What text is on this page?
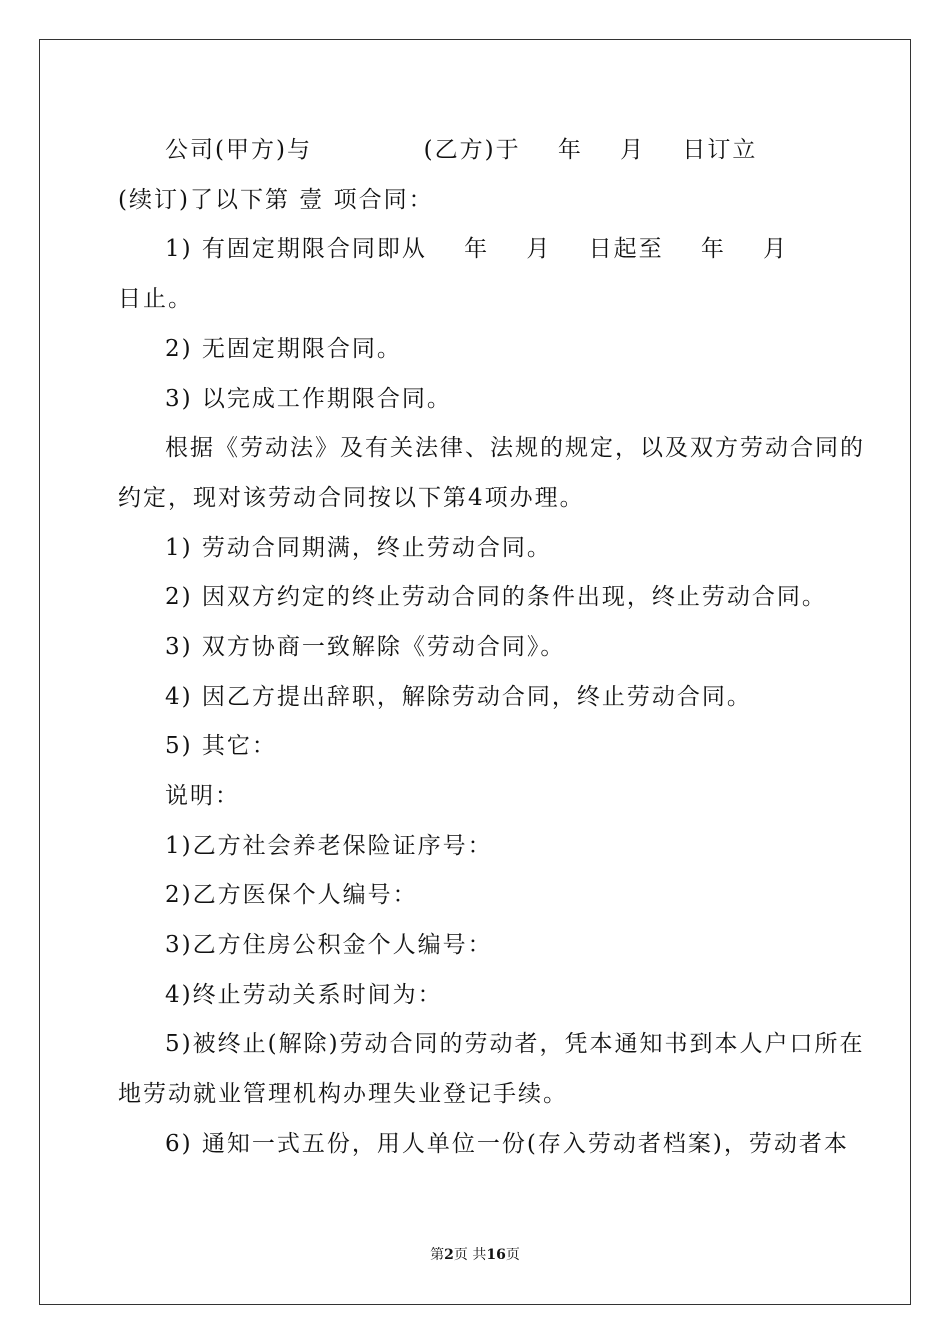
公司(甲方)与            (乙方)于    年    月    日订立
(续订)了以下第 壹 项合同：
1) 有固定期限合同即从    年    月    日起至    年    月
日止。
2) 无固定期限合同。
3) 以完成工作期限合同。
根据《劳动法》及有关法律、法规的规定，以及双方劳动合同的
约定，现对该劳动合同按以下第4项办理。
1) 劳动合同期满，终止劳动合同。
2) 因双方约定的终止劳动合同的条件出现，终止劳动合同。
3) 双方协商一致解除《劳动合同》。
4) 因乙方提出辞职，解除劳动合同，终止劳动合同。
5) 其它：
说明：
1)乙方社会养老保险证序号：
2)乙方医保个人编号：
3)乙方住房公积金个人编号：
4)终止劳动关系时间为：
5)被终止(解除)劳动合同的劳动者，凭本通知书到本人户口所在
地劳动就业管理机构办理失业登记手续。
6) 通知一式五份，用人单位一份(存入劳动者档案)，劳动者本
第2页 共16页
